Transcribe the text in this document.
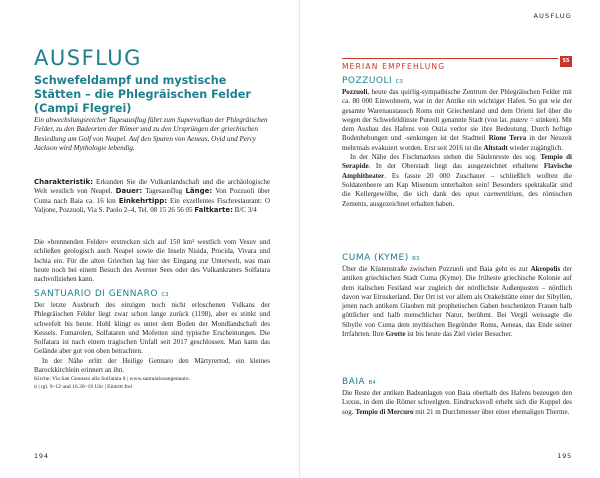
AUSFLUG
Schwefeldampf und mystische Stätten – die Phlegräischen Felder (Campi Flegrei)
Ein abwechslungsreicher Tagesausflug führt zum Supervulkan der Phlegräischen Felder, zu den Badeorten der Römer und zu den Ursprüngen der griechischen Besiedlung am Golf von Neapel. Auf den Spuren von Aeneas, Ovid und Percy Jackson wird Mythologie lebendig.

Charakteristik: Erkunden Sie die Vulkanlandschaft und die archäologische Welt westlich von Neapel. Dauer: Tagesausflug Länge: Von Pozzuoli über Cuma nach Baia ca. 16 km Einkehrtipp: Ein exzellentes Fischrestaurant: O Valjone, Pozzuoli, Via S. Paolo 2–4, Tel. 08 15 26 56 05 Faltkarte: B/C 3/4

Die »brennenden Felder« erstrecken sich auf 150 km² westlich vom Vesuv und schließen geologisch auch Neapel sowie die Inseln Nisida, Procida, Vivara und Ischia ein. Für die alten Griechen lag hier der Eingang zur Unterwelt, was man heute noch bei einem Besuch des Averner Sees oder des Vulkankraters Solfatara nachvollziehen kann.

SANTUARIO DI GENNARO C3

Der letzte Ausbruch des einzigen noch nicht erloschenen Vulkans der Phlegräischen Felder liegt zwar schon lange zurück (1198), aber es stinkt und schwefelt bis heute. Hohl klingt es unter dem Boden der Mondlandschaft des Kessels. Fumarolen, Solfataren und Mofetten sind typische Erscheinungen. Die Solfatara ist nach einem tragischen Unfall seit 2017 geschlossen. Man kann das Gelände aber gut von oben betrachten.

In der Nähe erlitt der Heilige Gennaro den Märtyrertod, ein kleines Barockkirchlein erinnert an ihn.

Kirche: Via San Gennaro alla Solfatara 8 | www.santuariosangennaro.

it | tgl. 9–12 und 16.30–19 Uhr | Eintritt frei

194
AUSFLUG
55
MERIAN EMPFEHLUNG
POZZUOLI C3

Pozzuoli, heute das quirlig-sympathische Zentrum der Phlegräischen Felder mit ca. 80 000 Einwohnern, war in der Antike ein wichtiger Hafen. So gut wie der gesamte Warenaustausch Roms mit Griechenland und dem Orient lief über die wegen der Schwefeldünste Puteoli genannte Stadt (von lat. putere = stinken). Mit dem Ausbau des Hafens von Ostia verlor sie ihre Bedeutung. Durch heftige Bodenhebungen und -senkungen ist der Stadtteil Rione Terra in der Neuzeit mehrmals evakuiert worden. Erst seit 2016 ist die Altstadt wieder zugänglich.

In der Nähe des Fischmarktes stehen die Säulenreste des sog. Tempio di Serapide. In der Oberstadt liegt das ausgezeichnet erhaltene Flavische Amphitheater. Es fasste 20 000 Zuschauer – schließlich wollten die Soldatenheere am Kap Misenum unterhalten sein! Besonders spektakulär sind die Kellergewölbe, die sich dank des opus caementitium, des römischen Zements, ausgezeichnet erhalten haben.

CUMA (KYME) B3

Über die Küstenstraße zwischen Pozzuoli und Baia geht es zur Akropolis der antiken griechischen Stadt Cuma (Kyme). Die früheste griechische Kolonie auf dem italischen Festland war zugleich der nördlichste Außenposten – nördlich davon war Etruskerland. Der Ort ist vor allem als Orakelstätte einer der Sibyllen, jenen nach antikem Glauben mit prophetischen Gaben beschenkten Frauen halb göttlicher und halb menschlicher Natur, berühmt. Bei Vergil weissagte die Sibylle von Cuma dem mythischen Begründer Roms, Aeneas, das Ende seiner Irrfahrten. Ihre Grotte ist bis heute das Ziel vieler Besucher.

BAIA B4

Die Reste der antiken Badeanlagen von Baia oberhalb des Hafens bezeugen den Luxus, in dem die Römer schwelgten. Eindrucksvoll erhebt sich die Kuppel des sog. Tempio di Mercuro mit 21 m Durchmesser über einer ehemaligen Therme.

195
